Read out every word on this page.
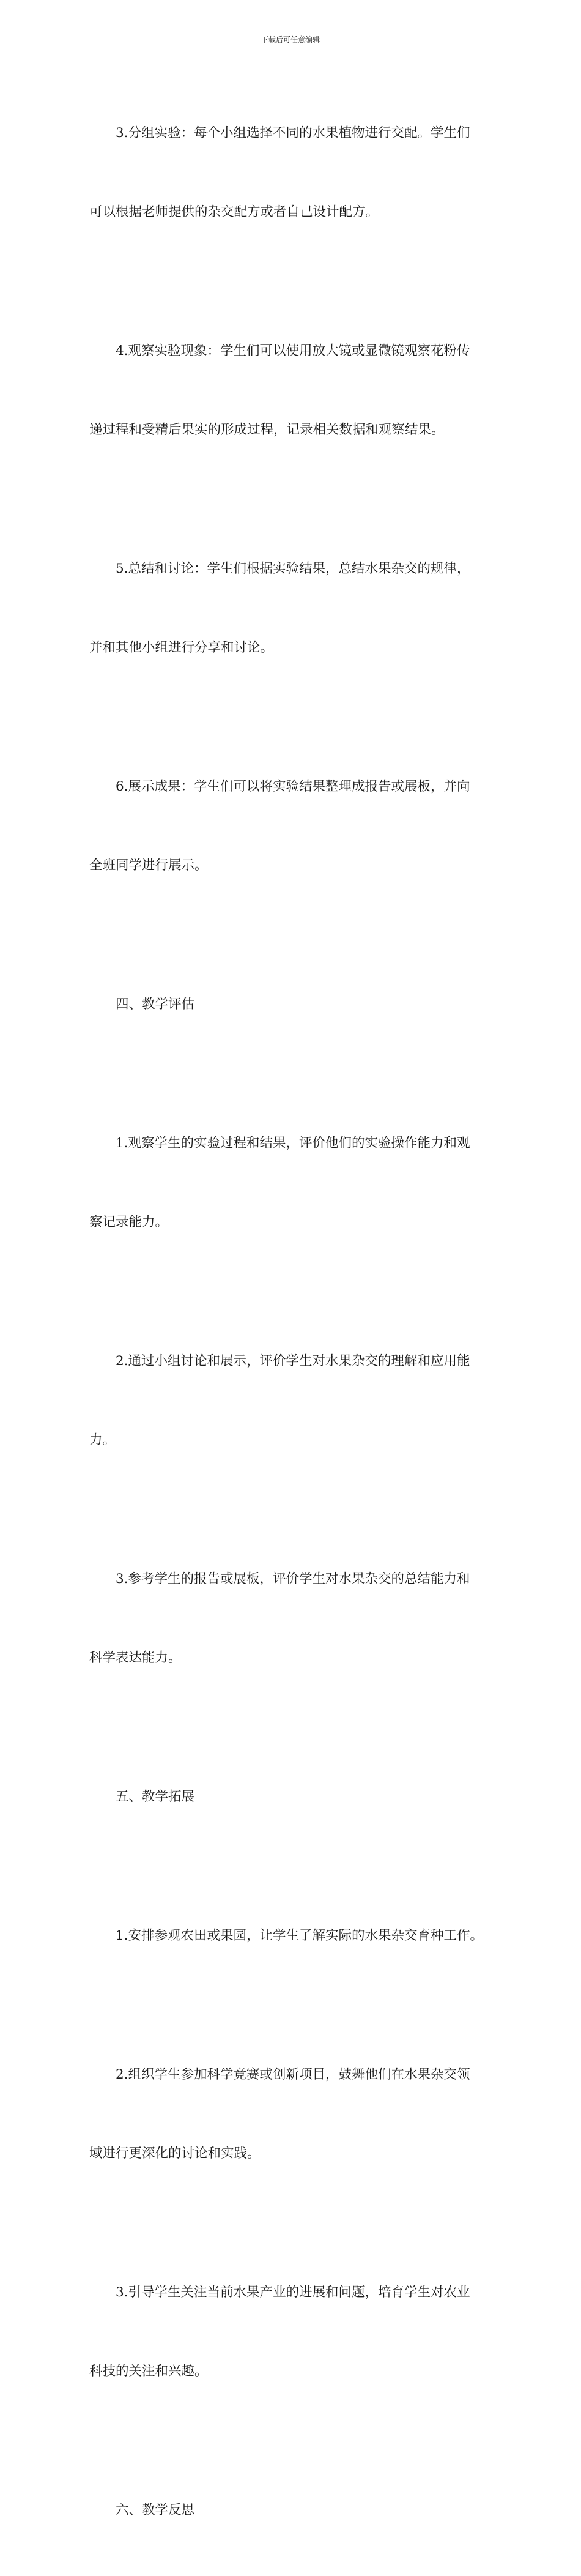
下载后可任意编辑

3.分组实验：每个小组选择不同的水果植物进行交配。学生们

可以根据老师提供的杂交配方或者自己设计配方。

4.观察实验现象：学生们可以使用放大镜或显微镜观察花粉传

递过程和受精后果实的形成过程，记录相关数据和观察结果。

5.总结和讨论：学生们根据实验结果，总结水果杂交的规律，

并和其他小组进行分享和讨论。

6.展示成果：学生们可以将实验结果整理成报告或展板，并向

全班同学进行展示。

四、教学评估

1.观察学生的实验过程和结果，评价他们的实验操作能力和观

察记录能力。

2.通过小组讨论和展示，评价学生对水果杂交的理解和应用能

力。

3.参考学生的报告或展板，评价学生对水果杂交的总结能力和

科学表达能力。

五、教学拓展

1.安排参观农田或果园，让学生了解实际的水果杂交育种工作。

2.组织学生参加科学竞赛或创新项目，鼓舞他们在水果杂交领

域进行更深化的讨论和实践。

3.引导学生关注当前水果产业的进展和问题，培育学生对农业

科技的关注和兴趣。

六、教学反思
